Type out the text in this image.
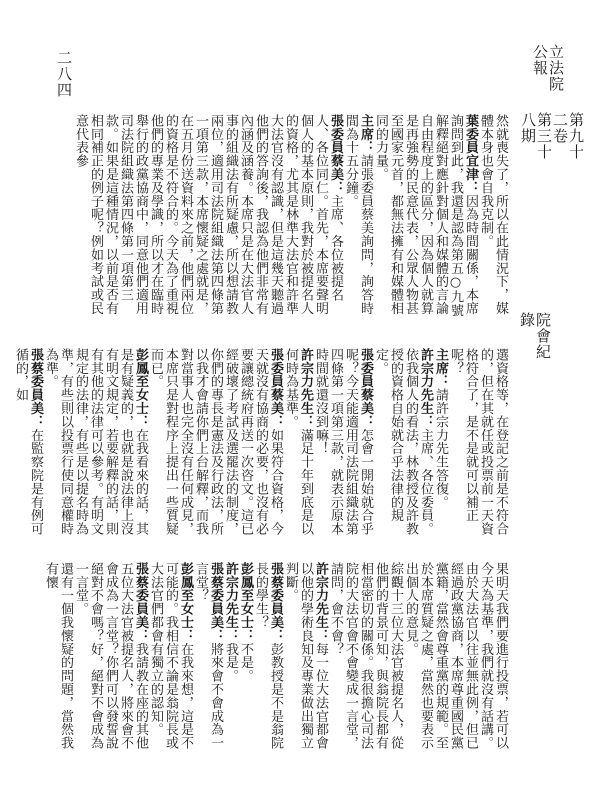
立法院公報
第九十二卷　第三十八期
院會紀錄
二八四

然就喪失了，所以在此情況下，媒體本身也會自我克制。

葉委員宜津：因為時間關係，本席詢問到此，我還是認為第五○九號解釋絕對應針對個人和媒體的言論自由程度上的區分，因為個人就算是再強勢的民意代表，公眾人物甚至國家元首，都無法擁有和媒體相同的力量。

主席：請張委員蔡美詢問，詢答時間為十五分鐘。

張委員蔡美：主席、各位被提名人、各位同仁。首先，本席要聲明個人的基本原則，我對於被提名人的資格，尤其是林準大法官和許準大法官沒有認識，但是這幾天聽過他們的答詢後，我認為他們非常有內涵及涵養。本席只是在大法官人事的組織法有所疑慮，所以想請教兩位，適用司法院組織法第四條第一項第三款，本席懷疑之處就是，在五月份送資料來之前，他們兩位的資格是不符合的。今天為了重視他們的專業及學識，所以才在臨時舉行的政黨協商中，同意他們適用司法院組織法第四條第一項第三款。如果是這種情況，以前是否有相同補正的例子呢？例如考試或民意代表參

選資格等，在登記之前是不符合的，但在其就任或投票前一天資格符合了，是不是就可以補正呢？

主席：請許宗力先生答復。

許宗力先生：主席、各位委員。依我個人的看法，林教授及許教授的資格自始就合乎法律的規定。

張委員蔡美：怎會一開始就合乎呢？今天能適用司法院組織法第四條第一項第三款，就表示原本時間就還沒到嘛！

許宗力先生：滿足十年到底是以何時為基準。

張委員蔡美：如果符合資格，今天就沒有協商的必要，也沒有必要讓總統府再送一次咨文。這已經破壞了考試及選罷法的制度，你們的專長是憲法及行政法，所以我才會請你們上台解釋，而我對當事人也完全沒有任何成見，本席只是對程序上提出一些質疑而已。

彭鳳至女士：在我看來的話，其是有疑義的，也就是說法律上沒有明文規定，若要解釋的話，則有其他的法律可以參考。有明文規定的法律，有些是以提名時為準，有些則以投票行使同意權時為準。

張蔡委員美：在監察院是有例可循的，如

果明天我們要進行投票，若可以今天為基準，我們就沒有話講。由於大法官以往並無此例，但已經過政黨協商，本席尊重國民黨黨籍，當然會尊重黨的規範。至於本席質疑之處，當然也要表示出個人的意見。

綜觀十三位大法官被提名人，從他們的背景可知，與翁院長都有相當密切的關係。我很擔心司法院的大法官會不會變成一言堂，請問，會不會？

許宗力先生：每一位大法官都會以他的學術良知及專業做出獨立判斷。

張蔡委員美：彭教授是不是翁院長的學生？

彭鳳至女士：不是。

許宗力先生：我是。

張蔡委員美：將來會不會成為一言堂？

彭鳳至女士：在我來想，這是不可能的。我相信不論是翁院長或大法官們都會有獨立的認知。

張蔡委員美：我請教在座的其他五位大法官被提名人，將來會不會成為一言堂？你們可以發誓說絕對不會嗎？好，絕對不會成為一言堂。

還有一個我懷疑的問題，當然我有懷
